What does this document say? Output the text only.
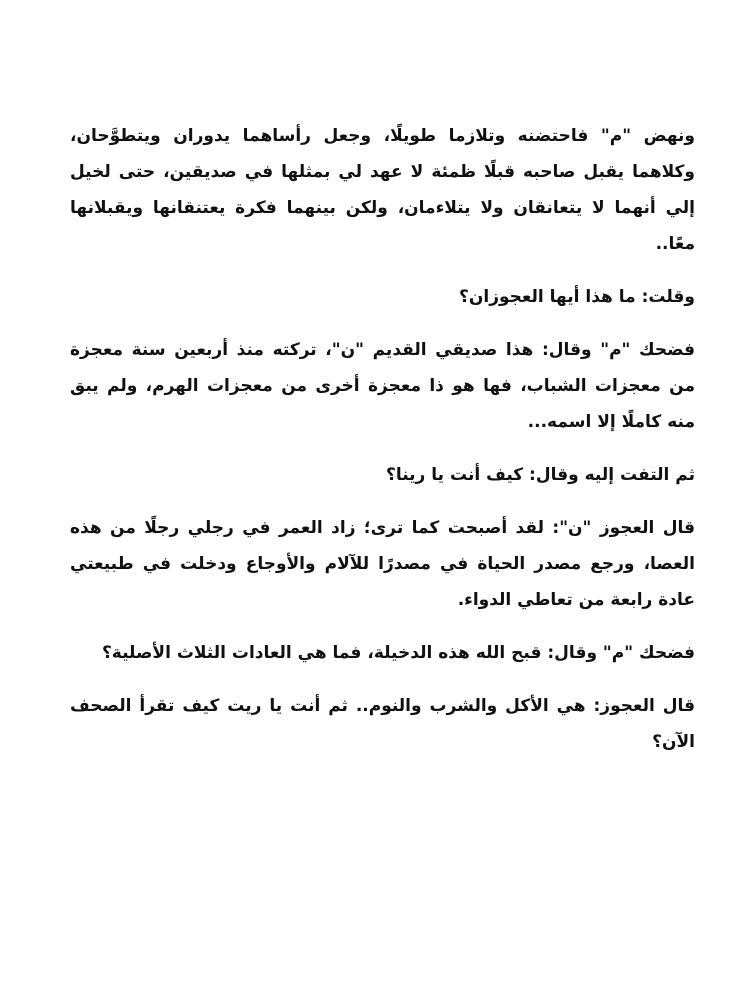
ونهض "م" فاحتضنه وتلازما طويلًا، وجعل رأساهما يدوران ويتطوَّحان، وكلاهما يقبل صاحبه قبلًا ظمئة لا عهد لي بمثلها في صديقين، حتى لخيل إلي أنهما لا يتعانقان ولا يتلاءمان، ولكن بينهما فكرة يعتنقانها ويقبلانها معًا..

وقلت: ما هذا أيها العجوزان؟

فضحك "م" وقال: هذا صديقي القديم "ن"، تركته منذ أربعين سنة معجزة من معجزات الشباب، فها هو ذا معجزة أخرى من معجزات الهرم، ولم يبق منه كاملًا إلا اسمه...

ثم التفت إليه وقال: كيف أنت يا رينا؟

قال العجوز "ن": لقد أصبحت كما ترى؛ زاد العمر في رجلي رجلًا من هذه العصا، ورجع مصدر الحياة في مصدرًا للآلام والأوجاع ودخلت في طبيعتي عادة رابعة من تعاطي الدواء.

فضحك "م" وقال: قبح الله هذه الدخيلة، فما هي العادات الثلاث الأصلية؟

قال العجوز: هي الأكل والشرب والنوم.. ثم أنت يا ريت كيف تقرأ الصحف الآن؟
